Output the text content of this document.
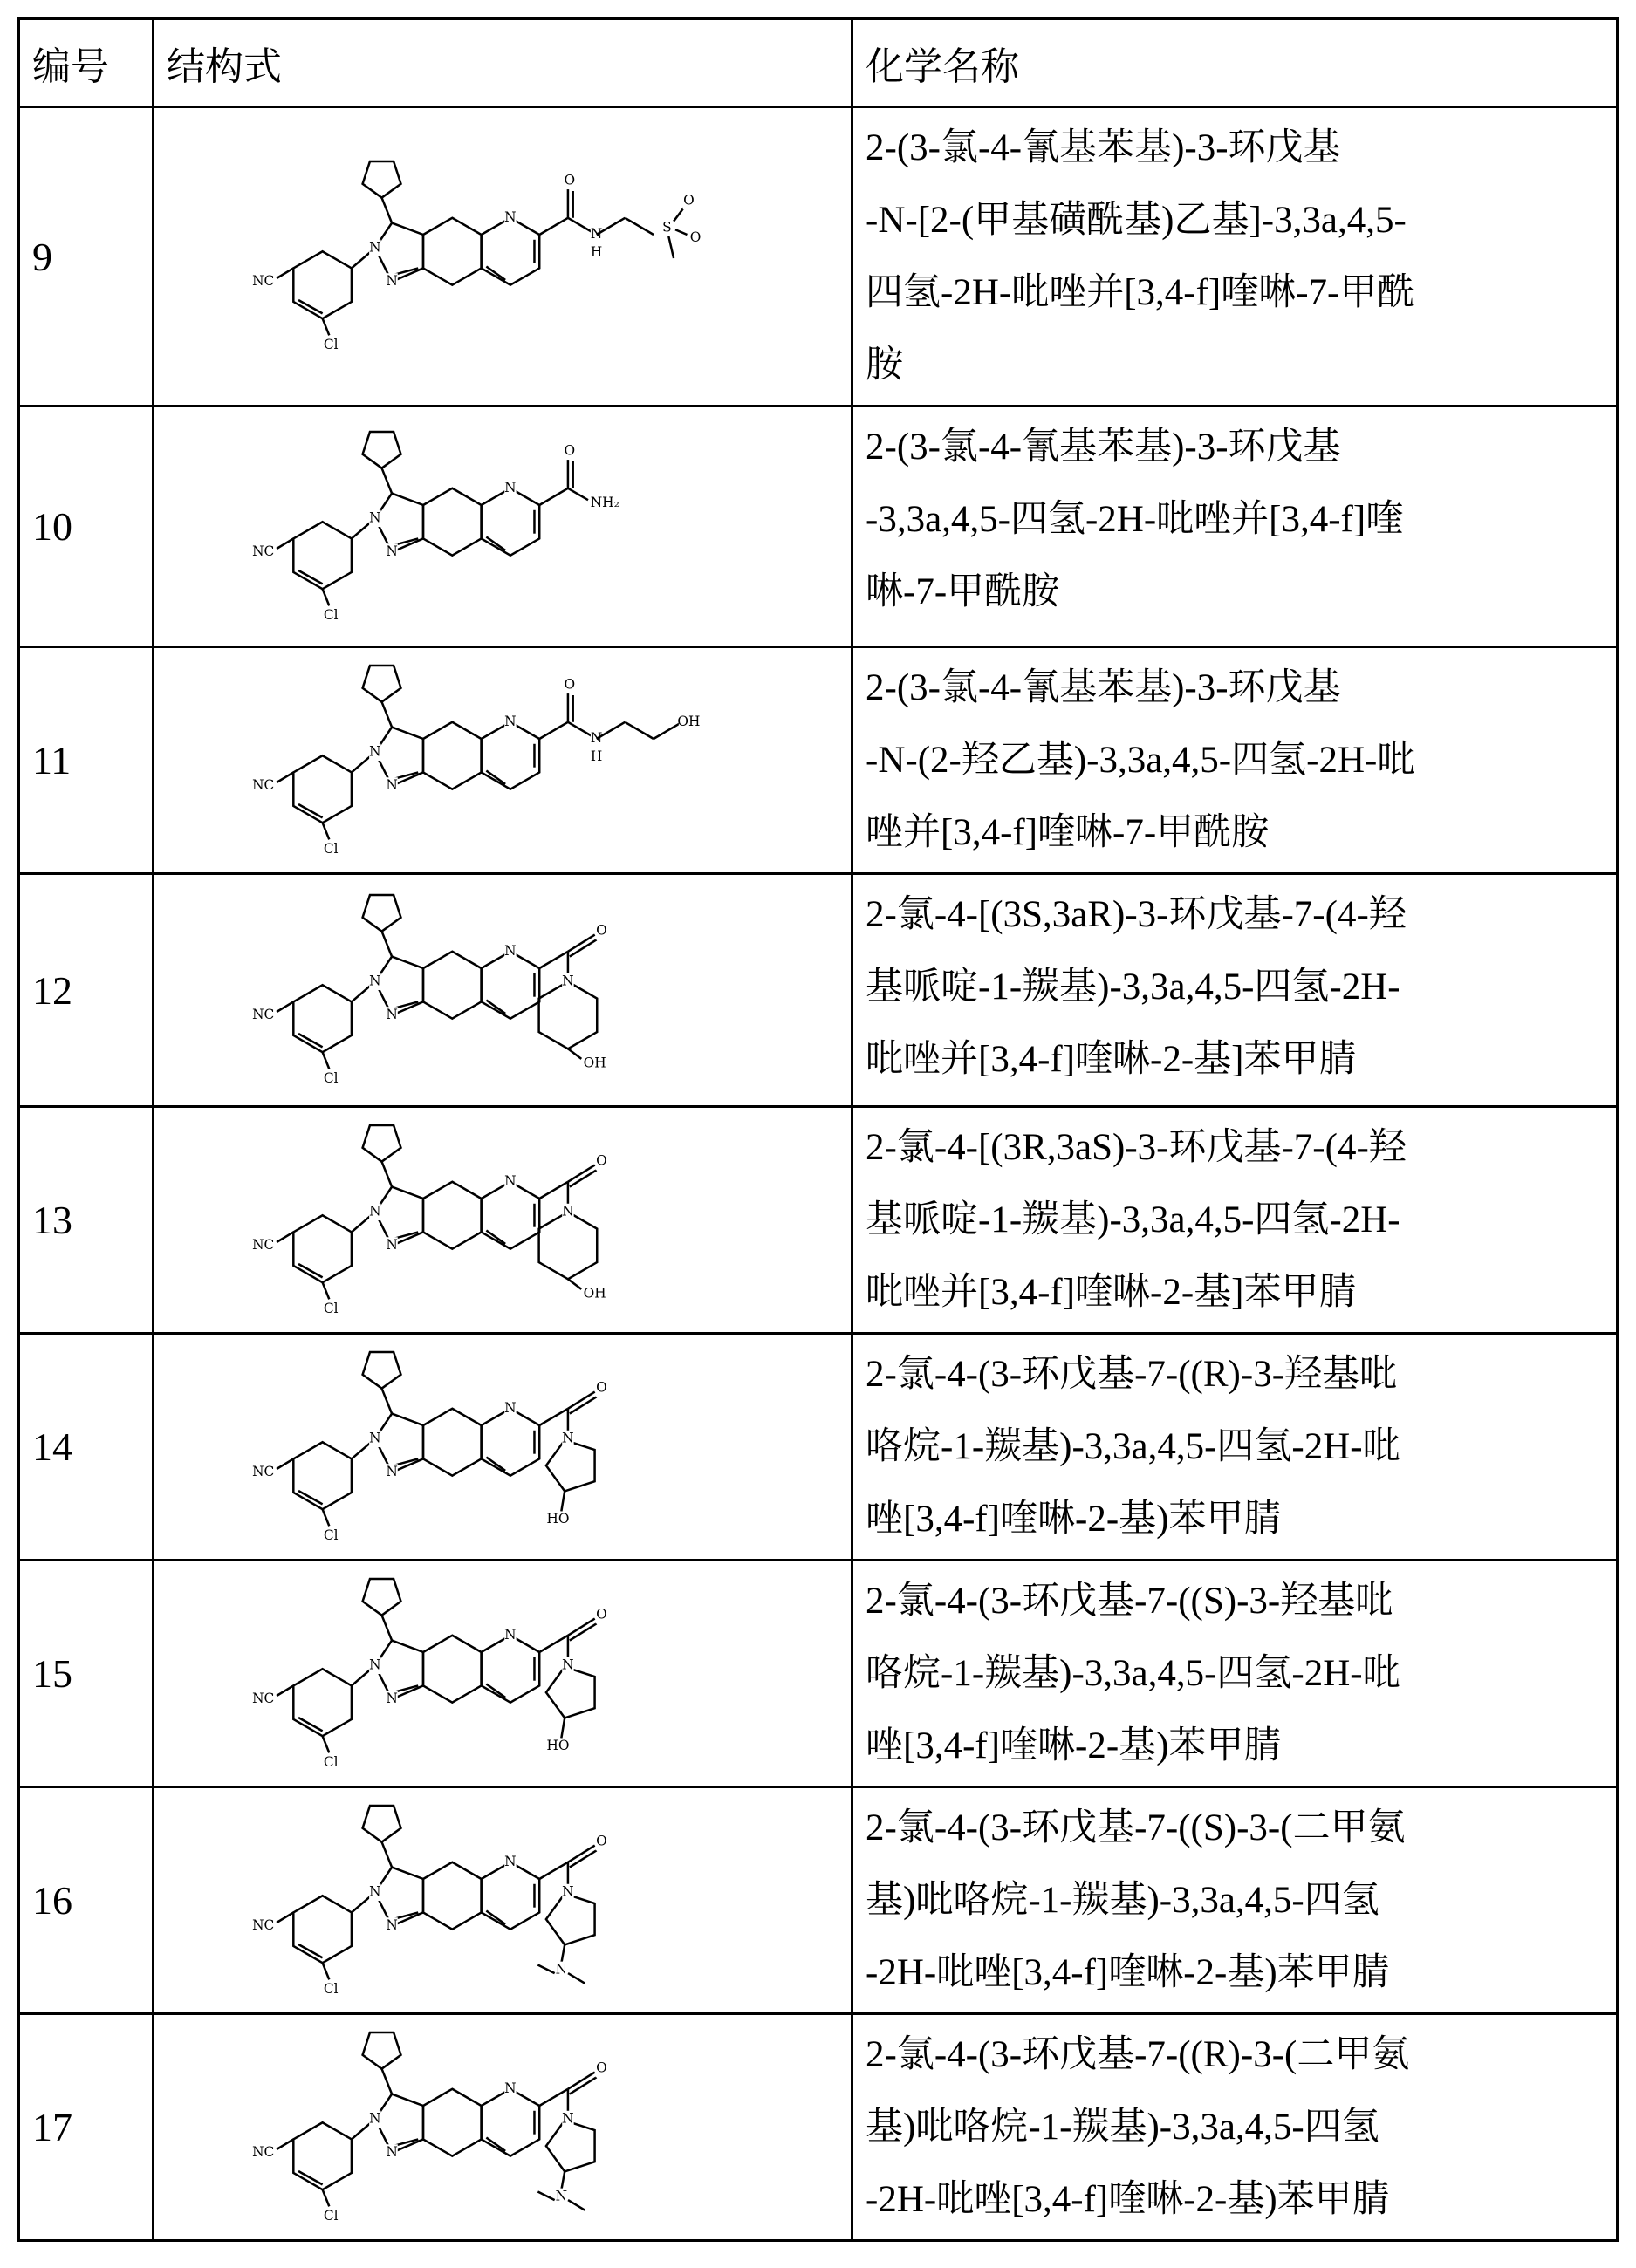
编号	结构式	化学名称
9	
NC
Cl
N
N
N
O
N
H
S
O
O

2-(3-氯-4-氰基苯基)-3-环戊基
-N-[2-(甲基磺酰基)乙基]-3,3a,4,5-
四氢-2H-吡唑并[3,4-f]喹啉-7-甲酰
胺

10	
NC
Cl
N
N
N
O
NH₂

2-(3-氯-4-氰基苯基)-3-环戊基
-3,3a,4,5-四氢-2H-吡唑并[3,4-f]喹
啉-7-甲酰胺

11	
NC
Cl
N
N
N
O
N
H
OH

2-(3-氯-4-氰基苯基)-3-环戊基
-N-(2-羟乙基)-3,3a,4,5-四氢-2H-吡
唑并[3,4-f]喹啉-7-甲酰胺

12	
NC
Cl
N
N
N
O
N
OH

2-氯-4-[(3S,3aR)-3-环戊基-7-(4-羟
基哌啶-1-羰基)-3,3a,4,5-四氢-2H-
吡唑并[3,4-f]喹啉-2-基]苯甲腈

13	
NC
Cl
N
N
N
O
N
OH

2-氯-4-[(3R,3aS)-3-环戊基-7-(4-羟
基哌啶-1-羰基)-3,3a,4,5-四氢-2H-
吡唑并[3,4-f]喹啉-2-基]苯甲腈

14	
NC
Cl
N
N
N
O
N
HO

2-氯-4-(3-环戊基-7-((R)-3-羟基吡
咯烷-1-羰基)-3,3a,4,5-四氢-2H-吡
唑[3,4-f]喹啉-2-基)苯甲腈

15	
NC
Cl
N
N
N
O
N
HO

2-氯-4-(3-环戊基-7-((S)-3-羟基吡
咯烷-1-羰基)-3,3a,4,5-四氢-2H-吡
唑[3,4-f]喹啉-2-基)苯甲腈

16	
NC
Cl
N
N
N
O
N
N

2-氯-4-(3-环戊基-7-((S)-3-(二甲氨
基)吡咯烷-1-羰基)-3,3a,4,5-四氢
-2H-吡唑[3,4-f]喹啉-2-基)苯甲腈

17	
NC
Cl
N
N
N
O
N
N

2-氯-4-(3-环戊基-7-((R)-3-(二甲氨
基)吡咯烷-1-羰基)-3,3a,4,5-四氢
-2H-吡唑[3,4-f]喹啉-2-基)苯甲腈
